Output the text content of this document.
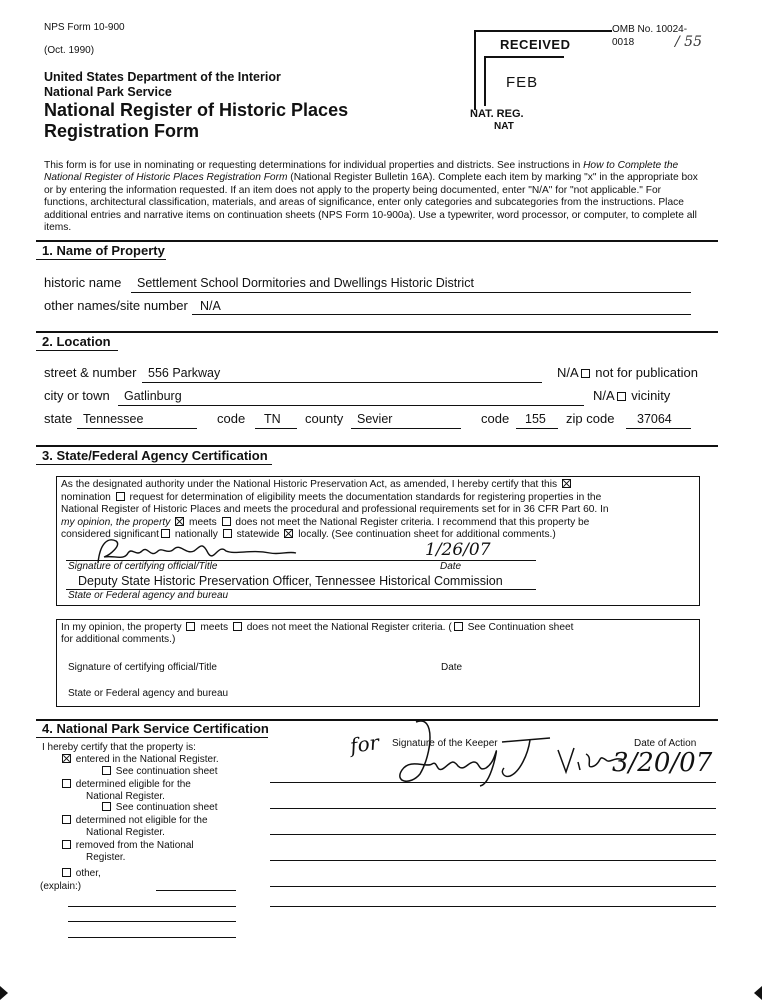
NPS Form 10-900
(Oct. 1990)
OMB No. 10024-
0018	/ 55
RECEIVED
FEB
NAT. REG.
NAT
United States Department of the Interior
National Park Service
National Register of Historic Places
Registration Form
This form is for use in nominating or requesting determinations for individual properties and districts. See instructions in How to Complete the
National Register of Historic Places Registration Form (National Register Bulletin 16A). Complete each item by marking "x" in the appropriate box
or by entering the information requested. If an item does not apply to the property being documented, enter "N/A" for "not applicable." For
functions, architectural classification, materials, and areas of significance, enter only categories and subcategories from the instructions. Place
additional entries and narrative items on continuation sheets (NPS Form 10-900a). Use a typewriter, word processor, or computer, to complete all
items.
1. Name of Property
historic name Settlement School Dormitories and Dwellings Historic District
other names/site number N/A
2. Location
street & number 556 Parkway	N/A not for publication
city or town Gatlinburg	N/A vicinity
state Tennessee	code TN county Sevier	code 155 zip code 37064
3. State/Federal Agency Certification
As the designated authority under the National Historic Preservation Act, as amended, I hereby certify that this
nomination request for determination of eligibility meets the documentation standards for registering properties in the
National Register of Historic Places and meets the procedural and professional requirements set for in 36 CFR Part 60. In
my opinion, the property meets does not meet the National Register criteria. I recommend that this property be
considered significant nationally statewide locally. (See continuation sheet for additional comments.)
1/26/07
Signature of certifying official/Title	Date
Deputy State Historic Preservation Officer, Tennessee Historical Commission
State or Federal agency and bureau
In my opinion, the property meets does not meet the National Register criteria. ( See Continuation sheet
for additional comments.)
Signature of certifying official/Title	Date
State or Federal agency and bureau
4. National Park Service Certification
I hereby certify that the property is:
entered in the National Register.
See continuation sheet
determined eligible for the
National Register.
See continuation sheet
determined not eligible for the
National Register.
removed from the National
Register.
other,
(explain:)
Signature of the Keeper	Date of Action
for
3/20/07
